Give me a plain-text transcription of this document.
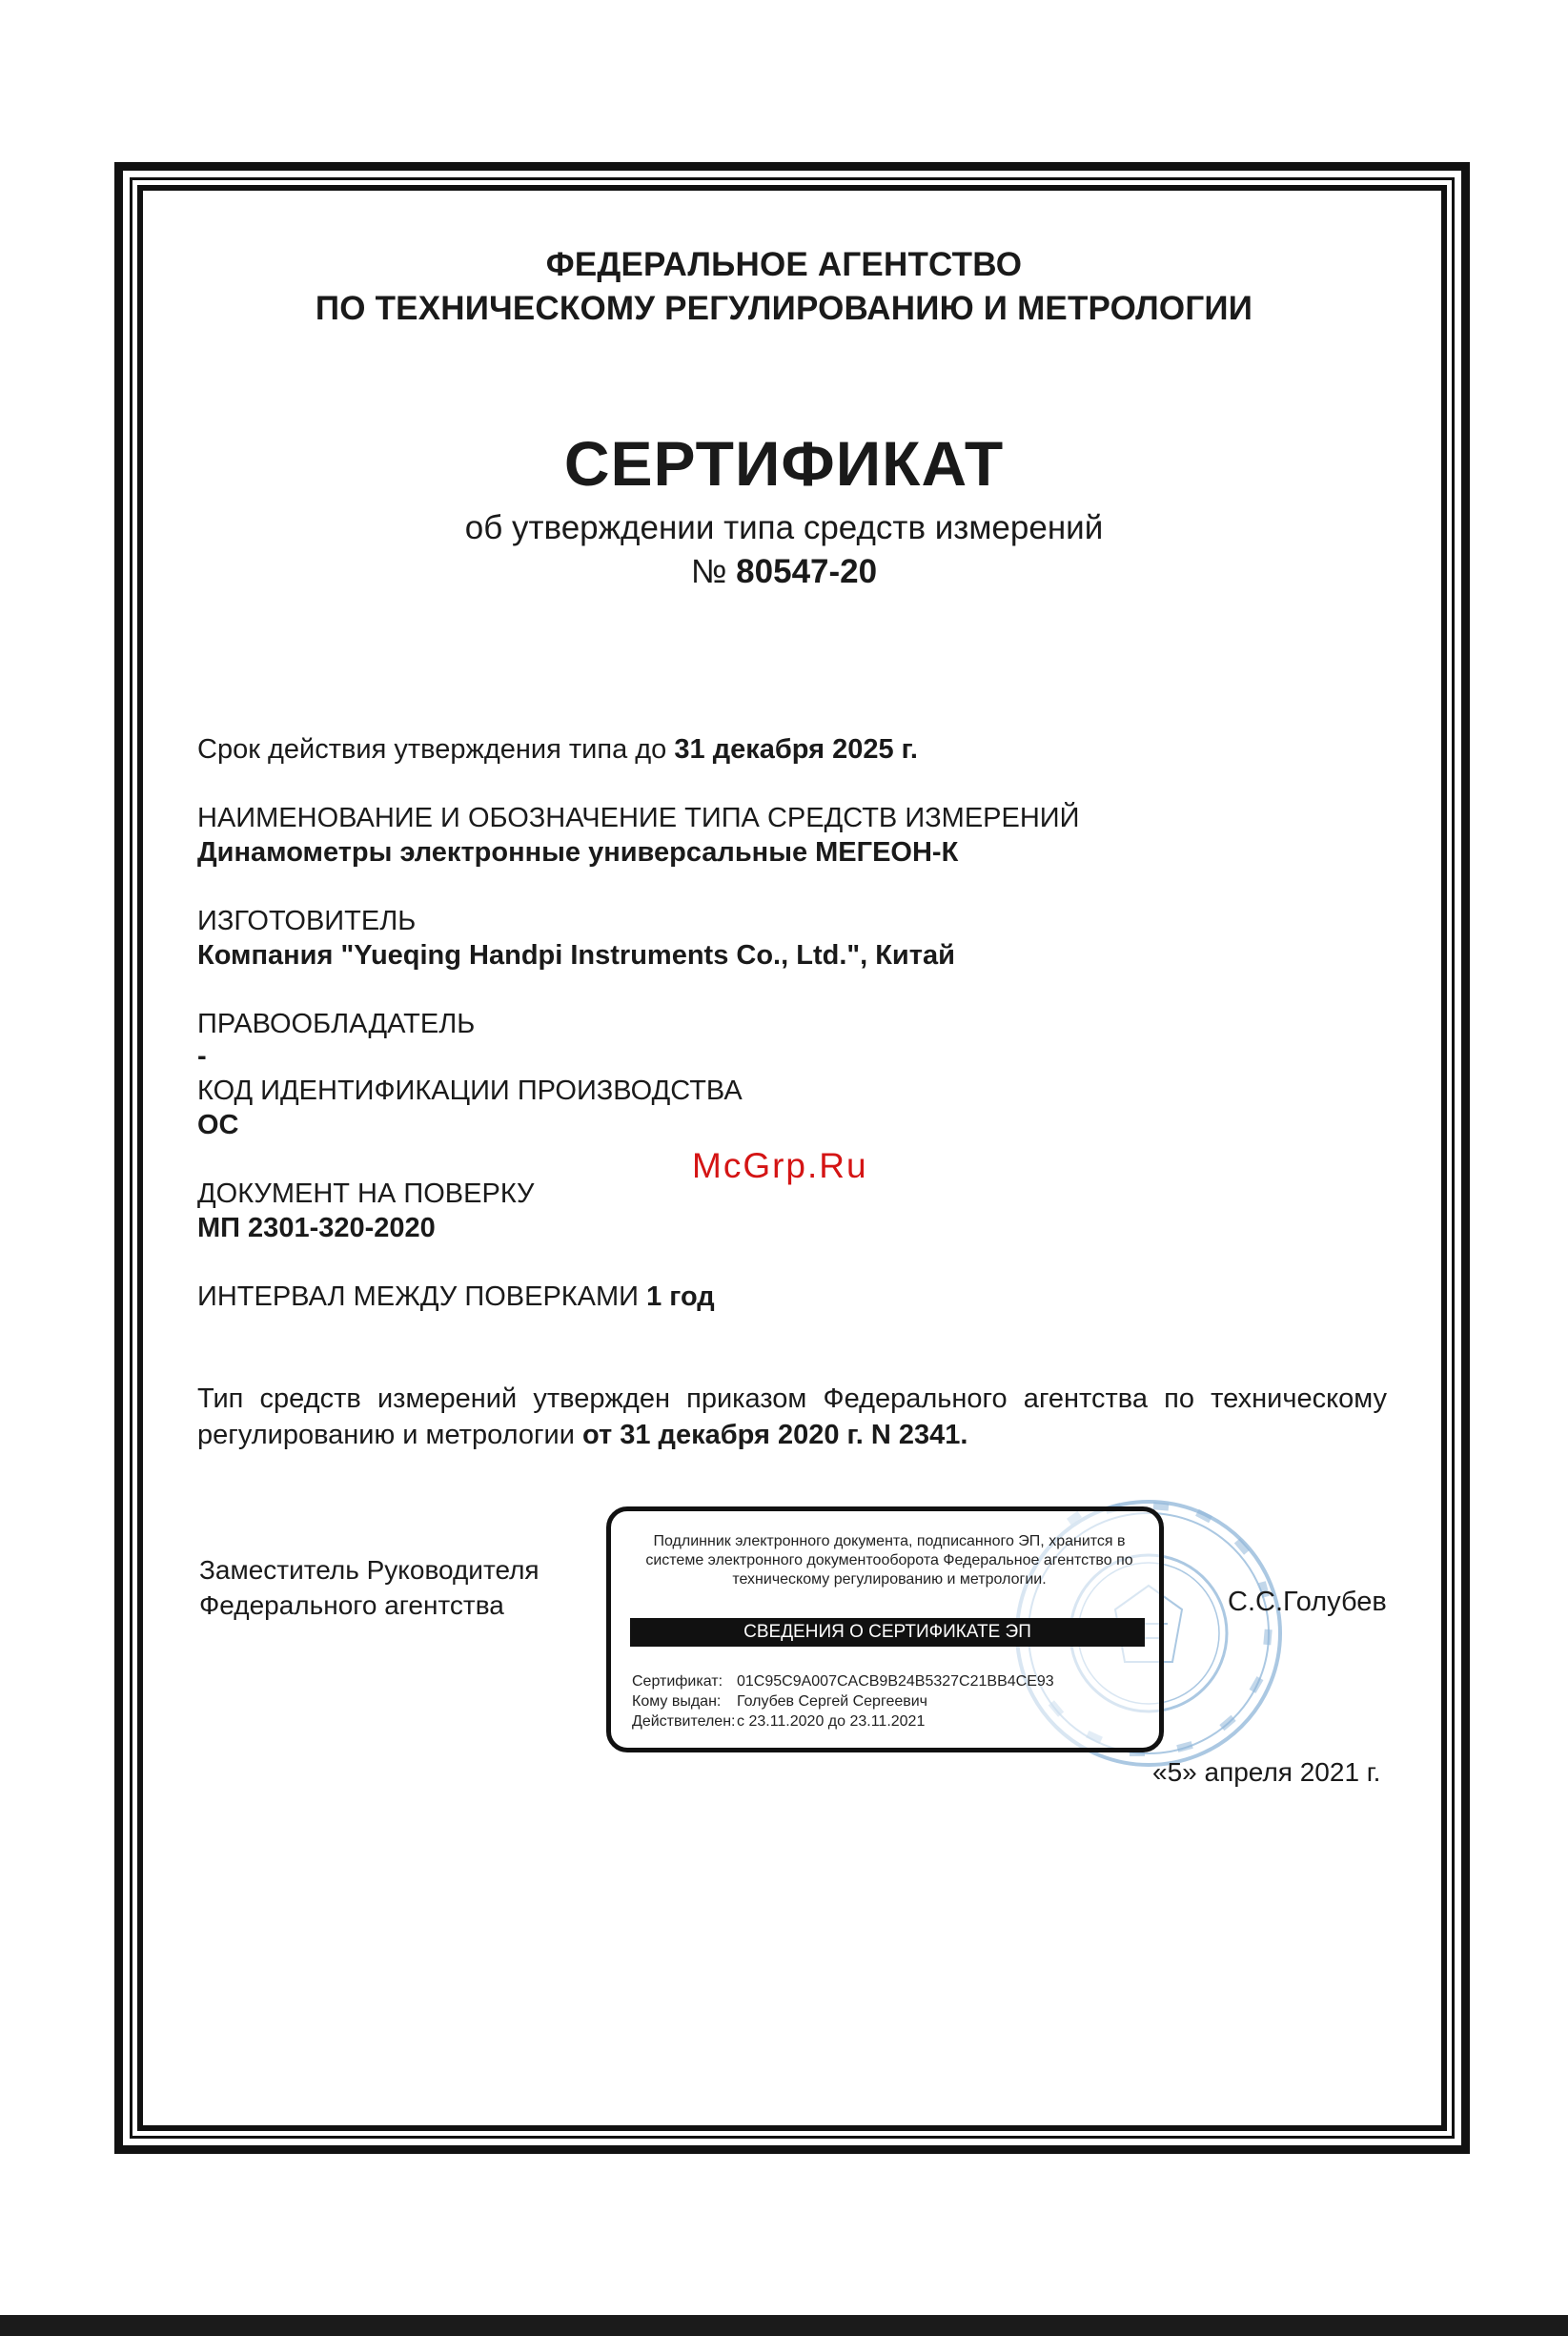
ФЕДЕРАЛЬНОЕ АГЕНТСТВО
ПО ТЕХНИЧЕСКОМУ РЕГУЛИРОВАНИЮ И МЕТРОЛОГИИ
СЕРТИФИКАТ
об утверждении типа средств измерений
№ 80547-20
Срок действия утверждения типа до 31 декабря 2025 г.
НАИМЕНОВАНИЕ И ОБОЗНАЧЕНИЕ ТИПА СРЕДСТВ ИЗМЕРЕНИЙ
Динамометры электронные универсальные МЕГЕОН-К
ИЗГОТОВИТЕЛЬ
Компания "Yueqing Handpi Instruments Co., Ltd.", Китай
ПРАВООБЛАДАТЕЛЬ
-
КОД ИДЕНТИФИКАЦИИ ПРОИЗВОДСТВА
ОС
McGrp.Ru
ДОКУМЕНТ НА ПОВЕРКУ
МП 2301-320-2020
ИНТЕРВАЛ МЕЖДУ ПОВЕРКАМИ 1 год
Тип средств измерений утвержден приказом Федерального агентства по техническому регулированию и метрологии от 31 декабря 2020 г. N 2341.
Заместитель Руководителя
Федерального агентства
Подлинник электронного документа, подписанного ЭП, хранится в системе электронного документооборота Федеральное агентство по техническому регулированию и метрологии.
СВЕДЕНИЯ О СЕРТИФИКАТЕ ЭП
Сертификат: 01C95C9A007CACB9B24B5327C21BB4CE93
Кому выдан: Голубев Сергей Сергеевич
Действителен:с 23.11.2020 до 23.11.2021
С.С.Голубев
«5» апреля 2021 г.
